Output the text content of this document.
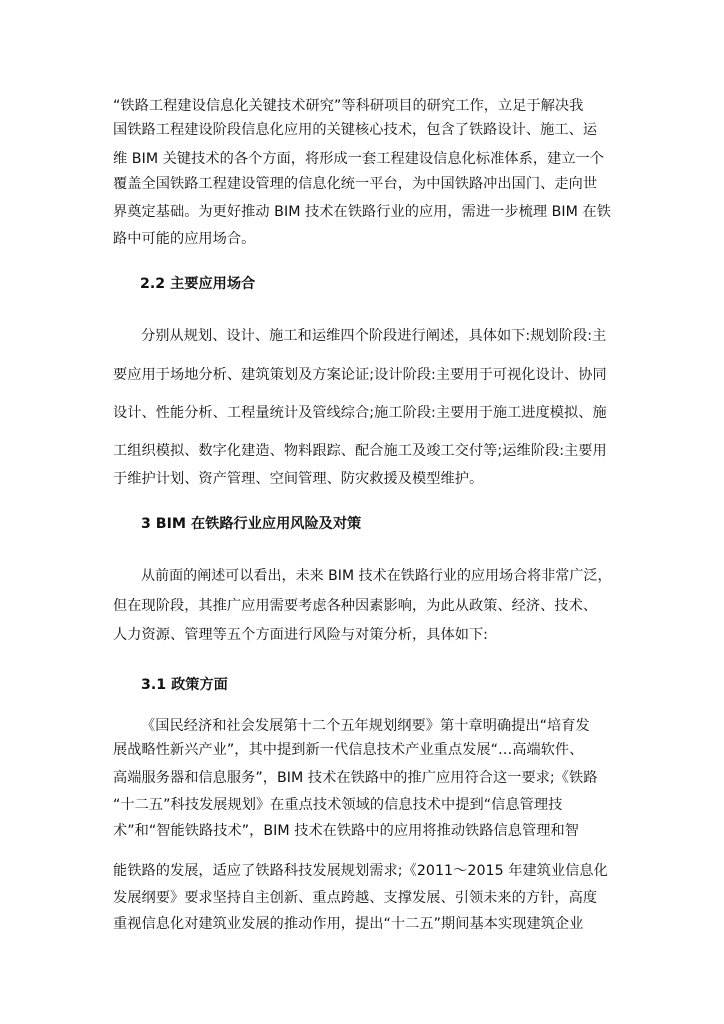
“铁路工程建设信息化关键技术研究”等科研项目的研究工作，立足于解决我
国铁路工程建设阶段信息化应用的关键核心技术，包含了铁路设计、施工、运
维 BIM 关键技术的各个方面，将形成一套工程建设信息化标准体系，建立一个
覆盖全国铁路工程建设管理的信息化统一平台，为中国铁路冲出国门、走向世
界奠定基础。为更好推动 BIM 技术在铁路行业的应用，需进一步梳理 BIM 在铁
路中可能的应用场合。
2.2 主要应用场合
分别从规划、设计、施工和运维四个阶段进行阐述，具体如下:规划阶段:主
要应用于场地分析、建筑策划及方案论证;设计阶段:主要用于可视化设计、协同
设计、性能分析、工程量统计及管线综合;施工阶段:主要用于施工进度模拟、施
工组织模拟、数字化建造、物料跟踪、配合施工及竣工交付等;运维阶段:主要用
于维护计划、资产管理、空间管理、防灾救援及模型维护。
3 BIM 在铁路行业应用风险及对策
从前面的阐述可以看出，未来 BIM 技术在铁路行业的应用场合将非常广泛，
但在现阶段，其推广应用需要考虑各种因素影响，为此从政策、经济、技术、
人力资源、管理等五个方面进行风险与对策分析，具体如下:
3.1 政策方面
《国民经济和社会发展第十二个五年规划纲要》第十章明确提出“培育发
展战略性新兴产业”，其中提到新一代信息技术产业重点发展“…高端软件、
高端服务器和信息服务”，BIM 技术在铁路中的推广应用符合这一要求;《铁路
“十二五”科技发展规划》在重点技术领域的信息技术中提到“信息管理技
术”和“智能铁路技术”，BIM 技术在铁路中的应用将推动铁路信息管理和智
能铁路的发展，适应了铁路科技发展规划需求;《2011～2015 年建筑业信息化
发展纲要》要求坚持自主创新、重点跨越、支撑发展、引领未来的方针，高度
重视信息化对建筑业发展的推动作用，提出“十二五”期间基本实现建筑企业
